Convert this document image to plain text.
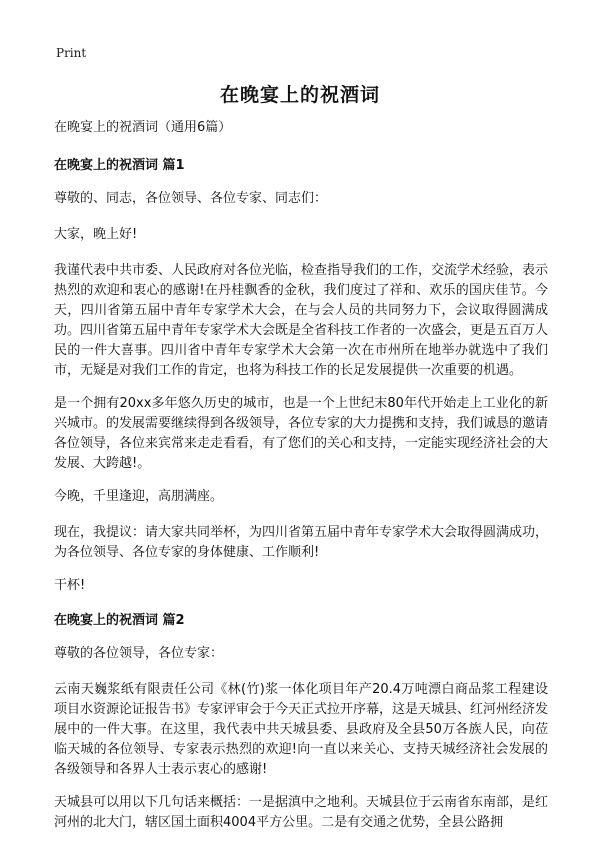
Print
在晚宴上的祝酒词

在晚宴上的祝酒词（通用6篇）

在晚宴上的祝酒词 篇1

尊敬的、同志，各位领导、各位专家、同志们：

大家，晚上好!

我谨代表中共市委、人民政府对各位光临，检查指导我们的工作，交流学术经验，表示热烈的欢迎和衷心的感谢!在丹桂飘香的金秋，我们度过了祥和、欢乐的国庆佳节。今天，四川省第五届中青年专家学术大会，在与会人员的共同努力下，会议取得圆满成功。四川省第五届中青年专家学术大会既是全省科技工作者的一次盛会，更是五百万人民的一件大喜事。四川省中青年专家学术大会第一次在市州所在地举办就选中了我们市，无疑是对我们工作的肯定，也将为科技工作的长足发展提供一次重要的机遇。

是一个拥有20xx多年悠久历史的城市，也是一个上世纪末80年代开始走上工业化的新兴城市。的发展需要继续得到各级领导，各位专家的大力提携和支持，我们诚恳的邀请各位领导，各位来宾常来走走看看，有了您们的关心和支持，一定能实现经济社会的大发展、大跨越!。

今晚，千里逢迎，高朋满座。

现在，我提议：请大家共同举杯，为四川省第五届中青年专家学术大会取得圆满成功，为各位领导、各位专家的身体健康、工作顺利!

干杯!

在晚宴上的祝酒词 篇2

尊敬的各位领导，各位专家：

云南天巍浆纸有限责任公司《林(竹)浆一体化项目年产20.4万吨漂白商品浆工程建设项目水资源论证报告书》专家评审会于今天正式拉开序幕，这是天城县、红河州经济发展中的一件大事。在这里，我代表中共天城县委、县政府及全县50万各族人民，向莅临天城的各位领导、专家表示热烈的欢迎!向一直以来关心、支持天城经济社会发展的各级领导和各界人士表示衷心的感谢!

天城县可以用以下几句话来概括：一是据滇中之地利。天城县位于云南省东南部，是红河州的北大门，辖区国土面积4004平方公里。二是有交通之优势，全县公路拥
